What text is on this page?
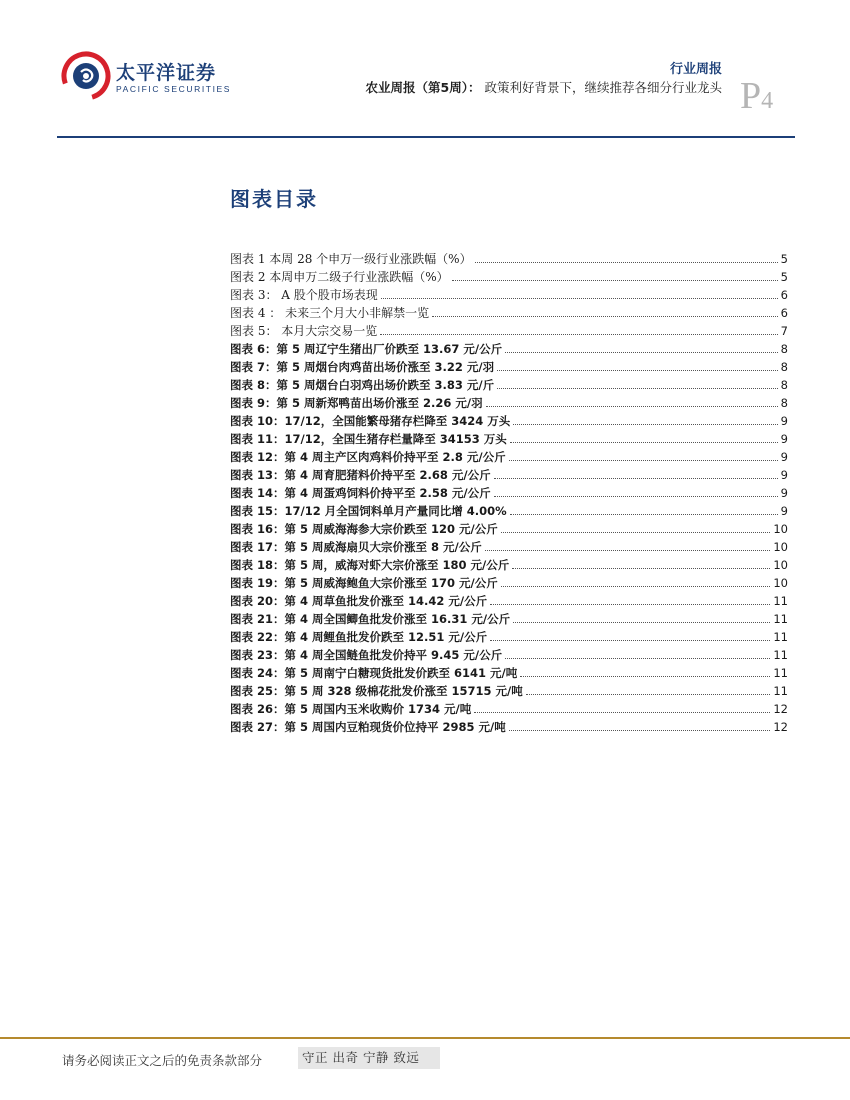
太平洋证券
PACIFIC SECURITIES
行业周报
农业周报（第5周）： 政策利好背景下，继续推荐各细分行业龙头 P4
图表目录
图表 1 本周 28 个申万一级行业涨跌幅（%）	5
图表 2 本周申万二级子行业涨跌幅（%）	5
图表 3： A 股个股市场表现	6
图表 4 ： 未来三个月大小非解禁一览	6
图表 5： 本月大宗交易一览	7
图表 6：第 5 周辽宁生猪出厂价跌至 13.67 元/公斤	8
图表 7：第 5 周烟台肉鸡苗出场价涨至 3.22 元/羽	8
图表 8：第 5 周烟台白羽鸡出场价跌至 3.83 元/斤	8
图表 9：第 5 周新郑鸭苗出场价涨至 2.26 元/羽	8
图表 10：17/12，全国能繁母猪存栏降至 3424 万头	9
图表 11：17/12，全国生猪存栏量降至 34153 万头	9
图表 12：第 4 周主产区肉鸡料价持平至 2.8 元/公斤	9
图表 13：第 4 周育肥猪料价持平至 2.68 元/公斤	9
图表 14：第 4 周蛋鸡饲料价持平至 2.58 元/公斤	9
图表 15：17/12 月全国饲料单月产量同比增 4.00%	9
图表 16：第 5 周威海海参大宗价跌至 120 元/公斤	10
图表 17：第 5 周威海扇贝大宗价涨至 8 元/公斤	10
图表 18：第 5 周，威海对虾大宗价涨至 180 元/公斤	10
图表 19：第 5 周威海鲍鱼大宗价涨至 170 元/公斤	10
图表 20：第 4 周草鱼批发价涨至 14.42 元/公斤	11
图表 21：第 4 周全国鲫鱼批发价涨至 16.31 元/公斤	11
图表 22：第 4 周鲤鱼批发价跌至 12.51 元/公斤	11
图表 23：第 4 周全国鲢鱼批发价持平 9.45 元/公斤	11
图表 24：第 5 周南宁白糖现货批发价跌至 6141 元/吨	11
图表 25：第 5 周 328 级棉花批发价涨至 15715 元/吨	11
图表 26：第 5 周国内玉米收购价 1734 元/吨	12
图表 27：第 5 周国内豆粕现货价位持平 2985 元/吨	12
请务必阅读正文之后的免责条款部分	守正 出奇 宁静 致远
